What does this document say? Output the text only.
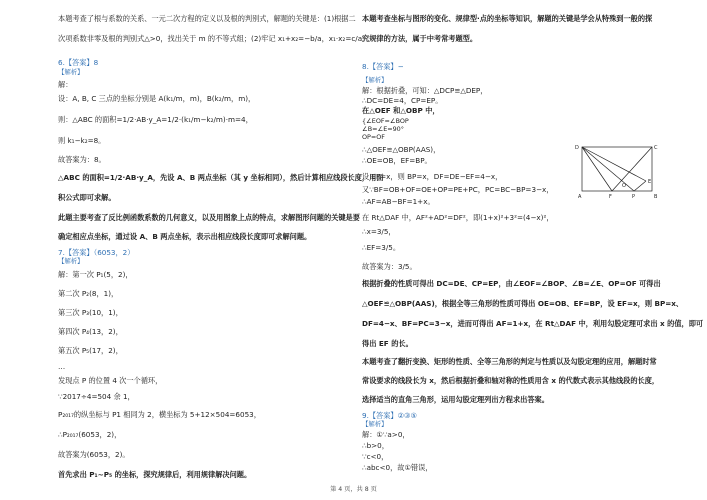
本题考查了根与系数的关系、一元二次方程的定义以及根的判别式，解题的关键是：(1)根据二
次项系数非零及根的判别式△>0，找出关于 m 的不等式组；(2)牢记 x₁+x₂=−b/a，x₁·x₂=c/a。
6.【答案】8
【解析】
解：
设：A, B, C 三点的坐标分别是 A(k₁/m，m)，B(k₂/m，m)，
则：△ABC 的面积=1/2·AB·y_A=1/2·(k₁/m−k₂/m)·m=4，
则 k₁−k₂=8。
故答案为：8。
△ABC 的面积=1/2·AB·y_A，先设 A、B 两点坐标（其 y 坐标相同），然后计算相应线段长度，用面
积公式即可求解。
此题主要考查了反比例函数系数的几何意义，以及用图象上点的特点，求解图形问题的关键是要
确定相应点坐标，通过设 A、B 两点坐标，表示出相应线段长度即可求解问题。
7.【答案】（6053，2）
【解析】
解：第一次 P₁(5，2)，
第二次 P₂(8，1)，
第三次 P₃(10，1)，
第四次 P₄(13，2)，
第五次 P₅(17，2)，
…
发现点 P 的位置 4 次一个循环，
∵2017÷4=504 余 1，
P₂₀₁₇的纵坐标与 P1 相同为 2，横坐标为 5+12×504=6053，
∴P₂₀₁₇(6053，2)，
故答案为(6053，2)。
首先求出 P₁~P₅ 的坐标，探究规律后，利用规律解决问题。
本题考查坐标与图形的变化、规律型·点的坐标等知识，解题的关键是学会从特殊到一般的探
究规律的方法，属于中考常考题型。
8.【答案】−
【解析】
解：根据折叠，可知：△DCP≌△DEP，
∴DC=DE=4，CP=EP。
在△OEF 和△OBP 中，
{∠EOF=∠BOP
∠B=∠E=90°
OP=OF
∴△OEF≌△OBP(AAS)，
∴OE=OB，EF=BP。
设 EF=x，则 BP=x，DF=DE−EF=4−x，
又∵BF=OB+OF=OE+OP=PE+PC，PC=BC−BP=3−x，
∴AF=AB−BF=1+x。
在 Rt△DAF 中，AF²+AD²=DF²，即(1+x)²+3²=(4−x)²，
∴x=3/5，
∴EF=3/5。
故答案为：3/5。
根据折叠的性质可得出 DC=DE、CP=EP，由∠EOF=∠BOP、∠B=∠E、OP=OF 可得出
△OEF≌△OBP(AAS)，根据全等三角形的性质可得出 OE=OB、EF=BP，设 EF=x，则 BP=x、
DF=4−x、BF=PC=3−x，进而可得出 AF=1+x，在 Rt△DAF 中，利用勾股定理可求出 x 的值，即可
得出 EF 的长。
本题考查了翻折变换、矩形的性质、全等三角形的判定与性质以及勾股定理的应用，解题时常
常设要求的线段长为 x，然后根据折叠和轴对称的性质用含 x 的代数式表示其他线段的长度，
选择适当的直角三角形，运用勾股定理列出方程求出答案。
9.【答案】②③⑤
【解析】
解：①∵a>0，
∴b>0，
∵c<0，
∴abc<0，故①错误，
D	C
E
O
F
A	P	B
第 4 页，共 8 页
